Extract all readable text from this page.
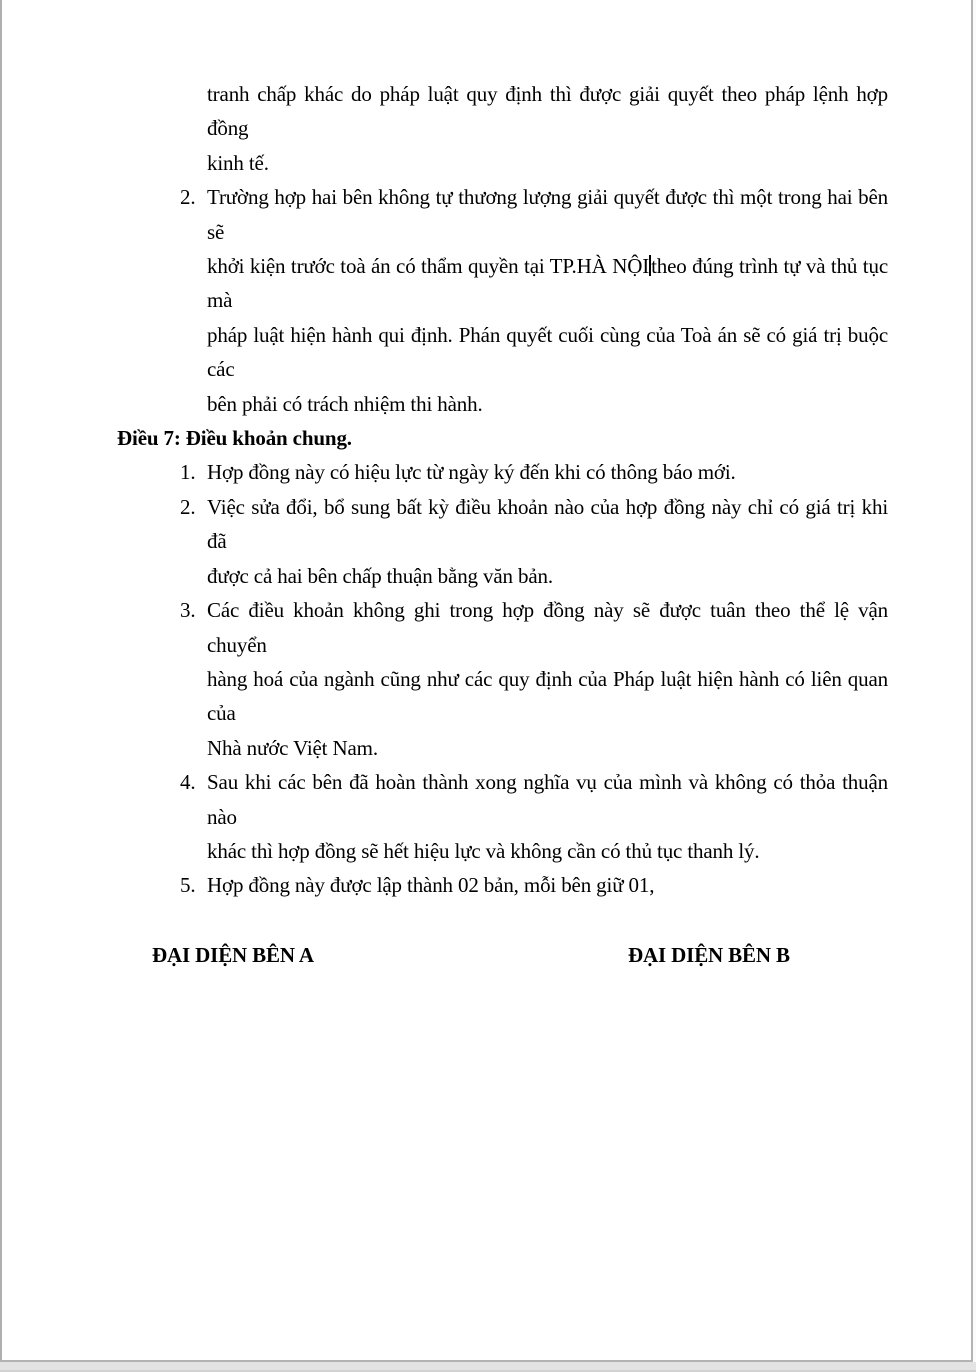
tranh chấp khác do pháp luật quy định thì được giải quyết theo pháp lệnh hợp đồng
kinh tế.
2. Trường hợp hai bên không tự thương lượng giải quyết được thì một trong hai bên sẽ
khởi kiện trước toà án có thẩm quyền tại TP.HÀ NỘItheo đúng trình tự và thủ tục mà
pháp luật hiện hành qui định. Phán quyết cuối cùng của Toà án sẽ có giá trị buộc các
bên phải có trách nhiệm thi hành.
Điều 7: Điều khoản chung.
1. Hợp đồng này có hiệu lực từ ngày ký đến khi có thông báo mới.
2. Việc sửa đổi, bổ sung bất kỳ điều khoản nào của hợp đồng này chỉ có giá trị khi đã
được cả hai bên chấp thuận bằng văn bản.
3. Các điều khoản không ghi trong hợp đồng này sẽ được tuân theo thể lệ vận chuyển
hàng hoá của ngành cũng như các quy định của Pháp luật hiện hành có liên quan của
Nhà nước Việt Nam.
4. Sau khi các bên đã hoàn thành xong nghĩa vụ của mình và không có thỏa thuận nào
khác thì hợp đồng sẽ hết hiệu lực và không cần có thủ tục thanh lý.
5. Hợp đồng này được lập thành 02 bản, mỗi bên giữ 01,
ĐẠI DIỆN BÊN A	ĐẠI DIỆN BÊN B
